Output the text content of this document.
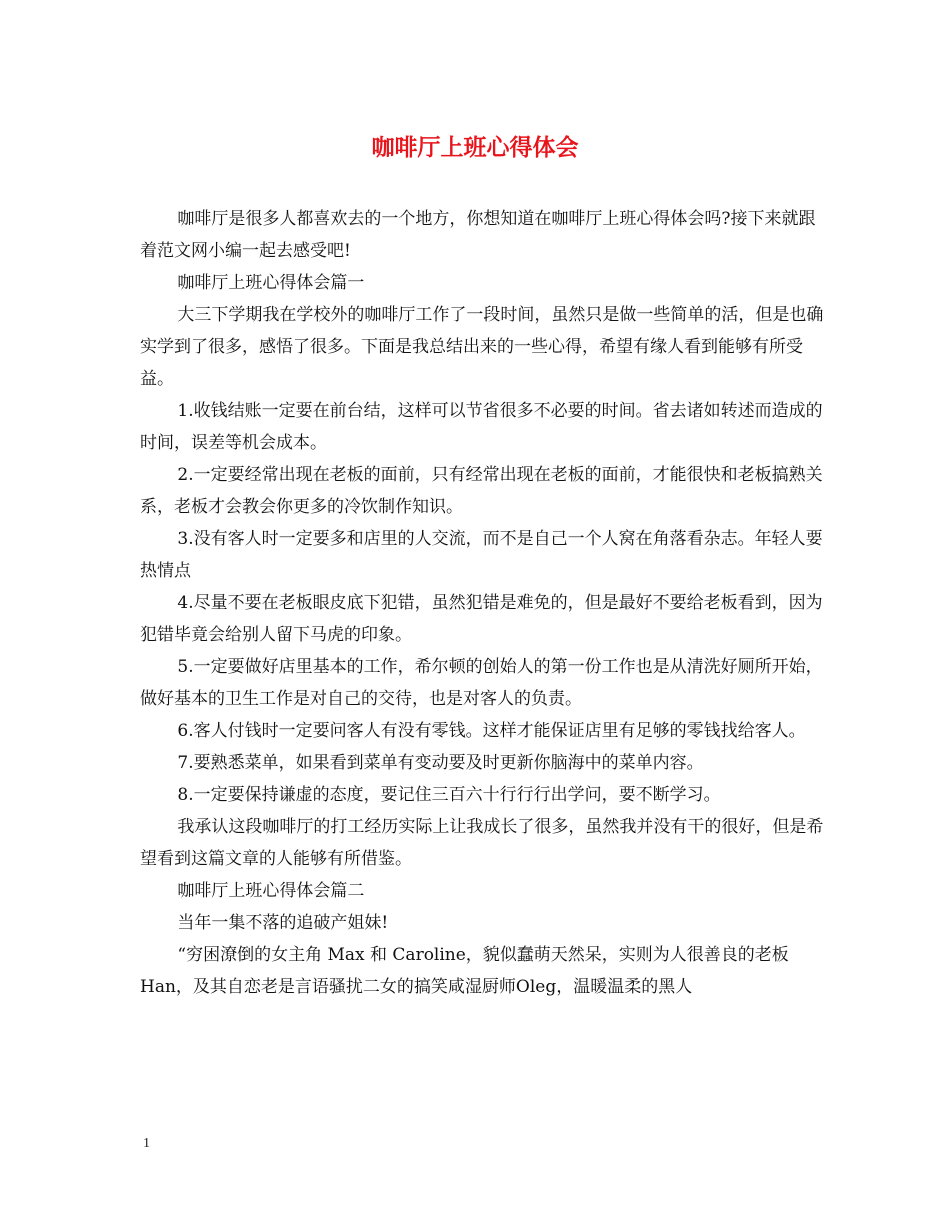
咖啡厅上班心得体会

咖啡厅是很多人都喜欢去的一个地方，你想知道在咖啡厅上班心得体会吗?接下来就跟着范文网小编一起去感受吧!

咖啡厅上班心得体会篇一

大三下学期我在学校外的咖啡厅工作了一段时间，虽然只是做一些简单的活，但是也确实学到了很多，感悟了很多。下面是我总结出来的一些心得，希望有缘人看到能够有所受益。

1.收钱结账一定要在前台结，这样可以节省很多不必要的时间。省去诸如转述而造成的时间，误差等机会成本。

2.一定要经常出现在老板的面前，只有经常出现在老板的面前，才能很快和老板搞熟关系，老板才会教会你更多的冷饮制作知识。

3.没有客人时一定要多和店里的人交流，而不是自己一个人窝在角落看杂志。年轻人要热情点

4.尽量不要在老板眼皮底下犯错，虽然犯错是难免的，但是最好不要给老板看到，因为犯错毕竟会给别人留下马虎的印象。

5.一定要做好店里基本的工作，希尔顿的创始人的第一份工作也是从清洗好厕所开始，做好基本的卫生工作是对自己的交待，也是对客人的负责。

6.客人付钱时一定要问客人有没有零钱。这样才能保证店里有足够的零钱找给客人。

7.要熟悉菜单，如果看到菜单有变动要及时更新你脑海中的菜单内容。

8.一定要保持谦虚的态度，要记住三百六十行行行出学问，要不断学习。

我承认这段咖啡厅的打工经历实际上让我成长了很多，虽然我并没有干的很好，但是希望看到这篇文章的人能够有所借鉴。

咖啡厅上班心得体会篇二

当年一集不落的追破产姐妹!

“穷困潦倒的女主角 Max 和 Caroline，貌似蠢萌天然呆，实则为人很善良的老板Han，及其自恋老是言语骚扰二女的搞笑咸湿厨师Oleg，温暖温柔的黑人

1
